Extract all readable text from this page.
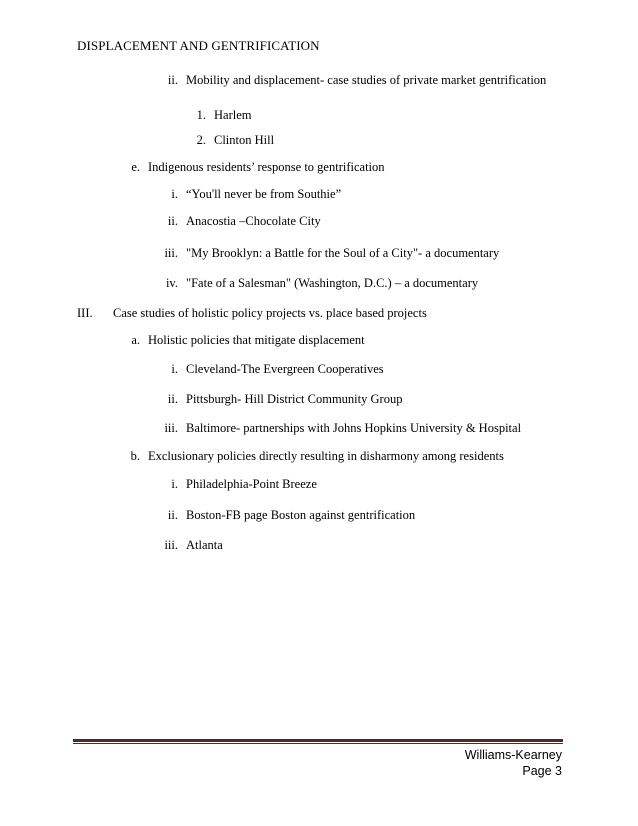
DISPLACEMENT AND GENTRIFICATION
ii. Mobility and displacement- case studies of private market gentrification
1. Harlem
2. Clinton Hill
e. Indigenous residents’ response to gentrification
i. “You'll never be from Southie”
ii. Anacostia –Chocolate City
iii. "My Brooklyn: a Battle for the Soul of a City"- a documentary
iv. "Fate of a Salesman" (Washington, D.C.) – a documentary
III. Case studies of holistic policy projects vs. place based projects
a. Holistic policies that mitigate displacement
i. Cleveland-The Evergreen Cooperatives
ii. Pittsburgh- Hill District Community Group
iii. Baltimore- partnerships with Johns Hopkins University & Hospital
b. Exclusionary policies directly resulting in disharmony among residents
i. Philadelphia-Point Breeze
ii. Boston-FB page Boston against gentrification
iii. Atlanta
Williams-Kearney
Page 3
